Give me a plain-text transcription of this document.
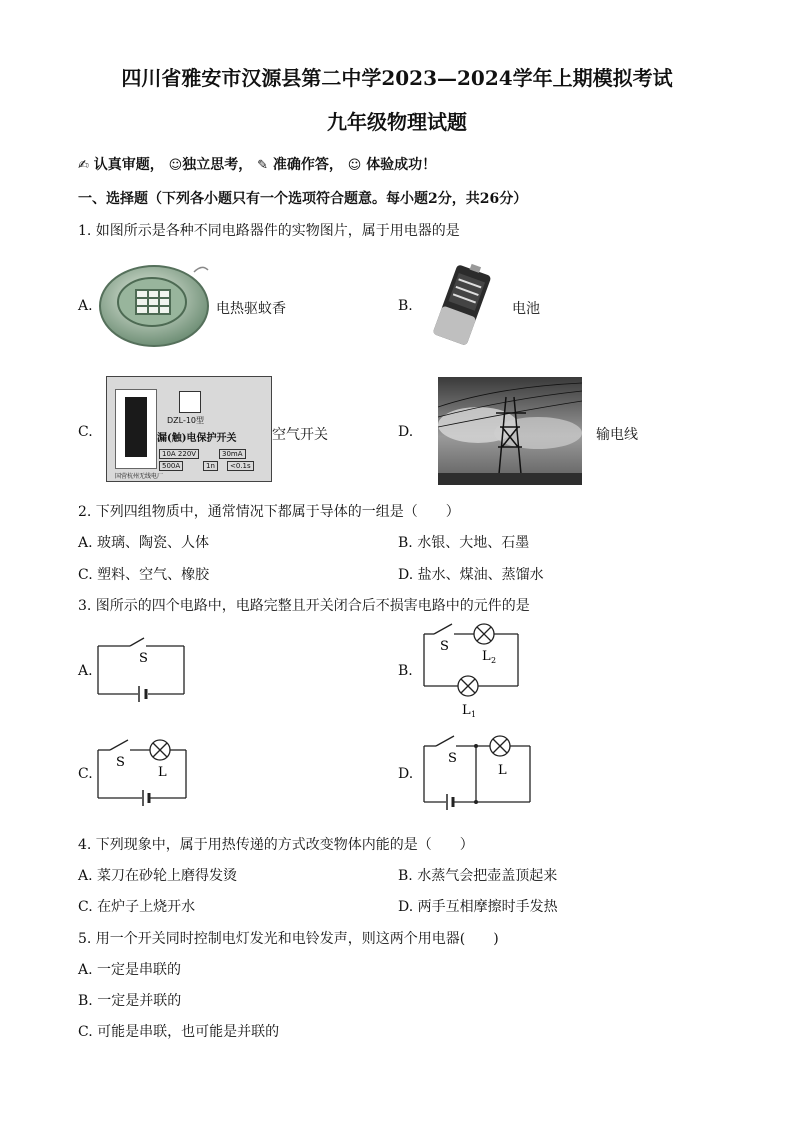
四川省雅安市汉源县第二中学2023—2024学年上期模拟考试
九年级物理试题
✍ 认真审题， ☺独立思考， ✎ 准确作答， ☺ 体验成功！
一、选择题（下列各小题只有一个选项符合题意。每小题2分，共26分）
1. 如图所示是各种不同电路器件的实物图片，属于用电器的是
A.	电热驱蚊香	B.	电池
C.
DZL-10型
漏(触)电保护开关
10A 220V	30mA
500A	1n	<0.1s
国营杭州无线电厂
空气开关	D.	输电线
2. 下列四组物质中，通常情况下都属于导体的一组是（　　）
A. 玻璃、陶瓷、人体	B. 水银、大地、石墨
C. 塑料、空气、橡胶	D. 盐水、煤油、蒸馏水
3. 图所示的四个电路中，电路完整且开关闭合后不损害电路中的元件的是
A.
S
B.
S
L 2
L 1
C.
S
L	D.
S
L
4. 下列现象中，属于用热传递的方式改变物体内能的是（　　）
A. 菜刀在砂轮上磨得发烫	B. 水蒸气会把壶盖顶起来
C. 在炉子上烧开水	D. 两手互相摩擦时手发热
5. 用一个开关同时控制电灯发光和电铃发声，则这两个用电器(　　)
A. 一定是串联的
B. 一定是并联的
C. 可能是串联，也可能是并联的
